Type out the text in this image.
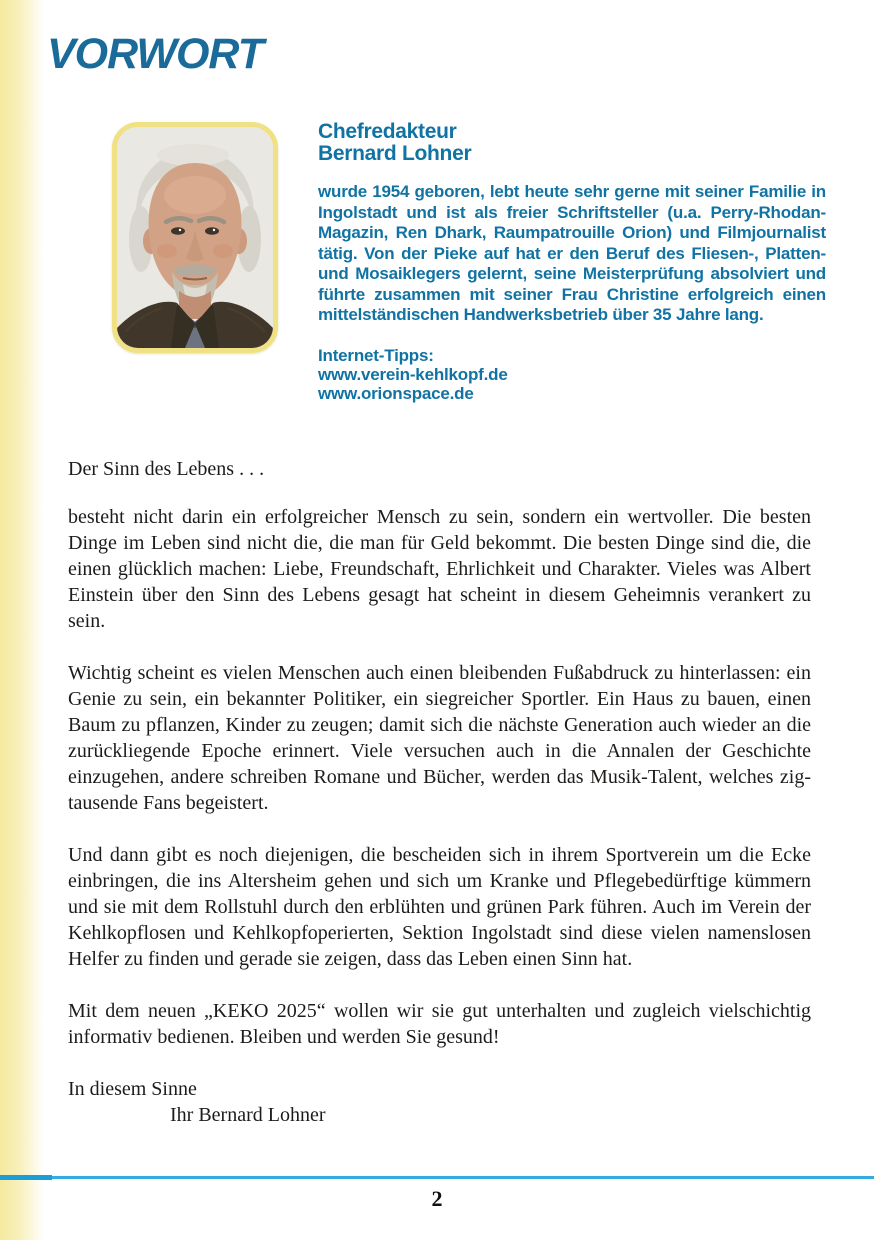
VORWORT
Chefredakteur
Bernard Lohner

wurde 1954 geboren, lebt heute sehr gerne mit seiner Familie in Ingolstadt und ist als freier Schriftsteller (u.a. Perry-Rhodan-Magazin, Ren Dhark, Raumpatrouille Orion) und Filmjournalist tätig. Von der Pieke auf hat er den Beruf des Fliesen-, Platten- und Mosaiklegers gelernt, seine Meisterprüfung absolviert und führte zusammen mit seiner Frau Christine erfolgreich einen mittelständischen Handwerksbetrieb über 35 Jahre lang.

Internet-Tipps:
www.verein-kehlkopf.de
www.orionspace.de

Der Sinn des Lebens . . .

besteht nicht darin ein erfolgreicher Mensch zu sein, sondern ein wertvoller. Die besten Dinge im Leben sind nicht die, die man für Geld bekommt. Die besten Dinge sind die, die einen glücklich machen: Liebe, Freundschaft, Ehrlichkeit und Charakter. Vieles was Albert Einstein über den Sinn des Lebens gesagt hat scheint in diesem Geheimnis verankert zu sein.

Wichtig scheint es vielen Menschen auch einen bleibenden Fußabdruck zu hinterlassen: ein Genie zu sein, ein bekannter Politiker, ein siegreicher Sportler. Ein Haus zu bauen, einen Baum zu pflanzen, Kinder zu zeugen; damit sich die nächste Generation auch wieder an die zurückliegende Epoche erinnert. Viele versuchen auch in die Annalen der Geschichte einzugehen, andere schreiben Romane und Bücher, werden das Musik-Talent, welches zig-tausende Fans begeistert.

Und dann gibt es noch diejenigen, die bescheiden sich in ihrem Sportverein um die Ecke einbringen, die ins Altersheim gehen und sich um Kranke und Pflegebedürftige kümmern und sie mit dem Rollstuhl durch den erblühten und grünen Park führen. Auch im Verein der Kehlkopflosen und Kehlkopfoperierten, Sektion Ingolstadt sind diese vielen namenslosen Helfer zu finden und gerade sie zeigen, dass das Leben einen Sinn hat.

Mit dem neuen „KEKO 2025“ wollen wir sie gut unterhalten und zugleich vielschichtig informativ bedienen. Bleiben und werden Sie gesund!

In diesem Sinne

Ihr Bernard Lohner

2
